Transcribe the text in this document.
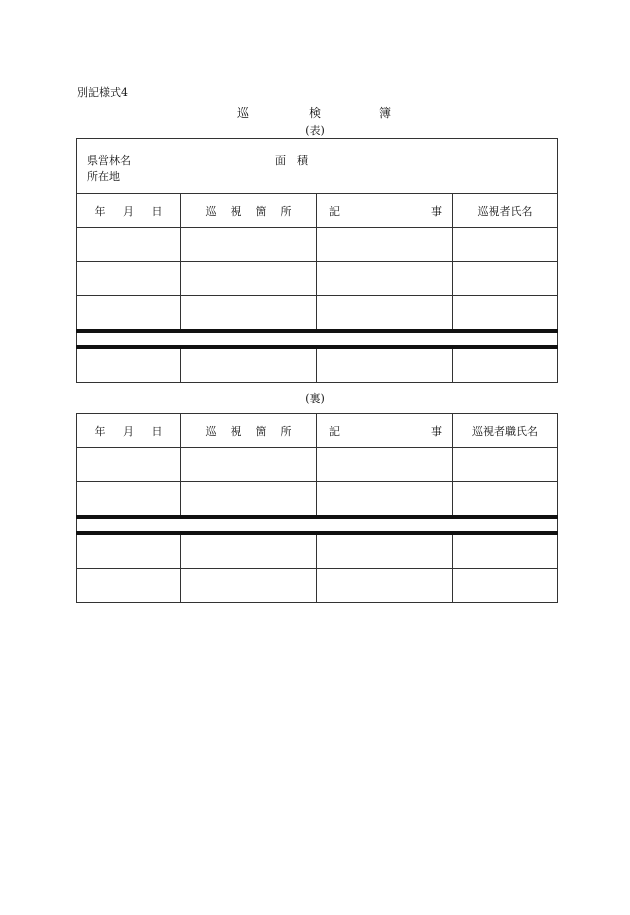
別記様式4
巡	検	簿
(表)
県営林名 面　積
所在地			

年 月 日	巡 視 箇 所	記 事	巡視者氏名

(裏)
年 月 日	巡 視 箇 所	記 事	巡視者職氏名
